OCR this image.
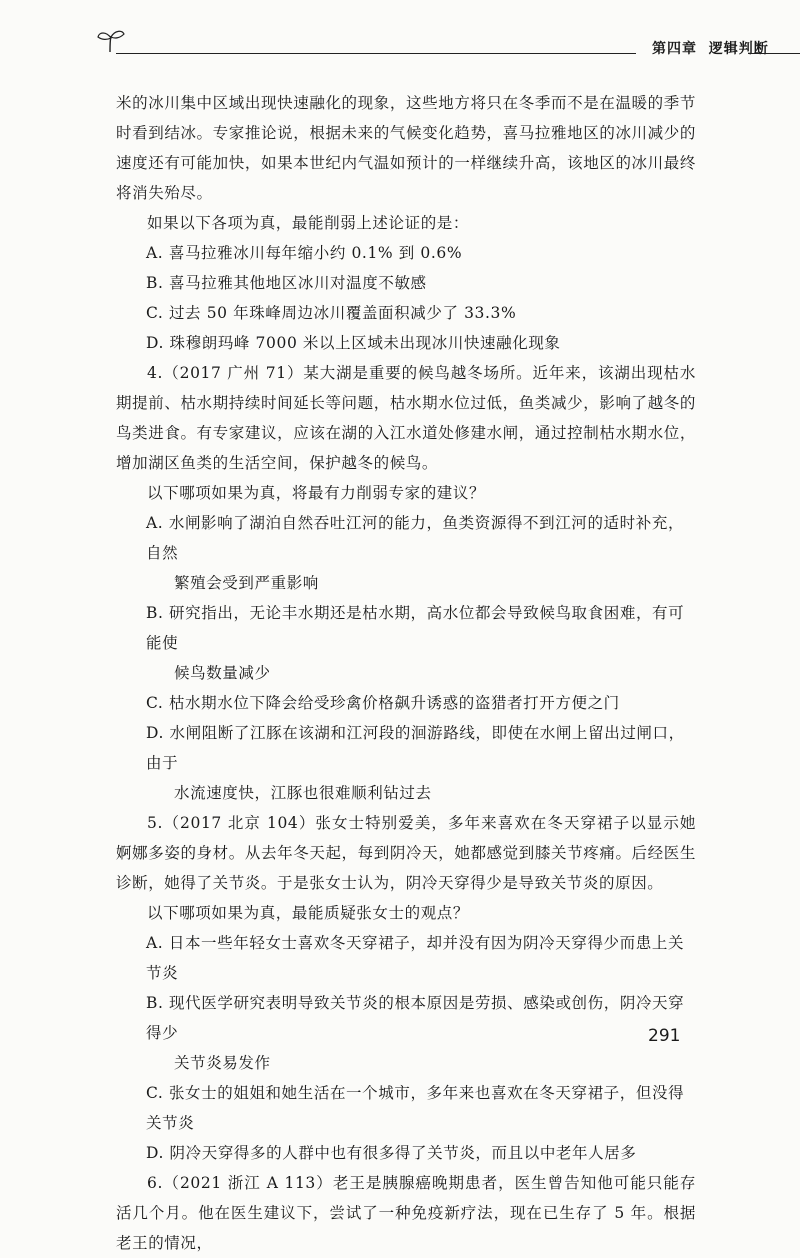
第四章 逻辑判断
米的冰川集中区域出现快速融化的现象，这些地方将只在冬季而不是在温暖的季节时看到结冰。专家推论说，根据未来的气候变化趋势，喜马拉雅地区的冰川减少的速度还有可能加快，如果本世纪内气温如预计的一样继续升高，该地区的冰川最终将消失殆尽。
如果以下各项为真，最能削弱上述论证的是：
A. 喜马拉雅冰川每年缩小约 0.1% 到 0.6%
B. 喜马拉雅其他地区冰川对温度不敏感
C. 过去 50 年珠峰周边冰川覆盖面积减少了 33.3%
D. 珠穆朗玛峰 7000 米以上区域未出现冰川快速融化现象
4.（2017 广州 71）某大湖是重要的候鸟越冬场所。近年来，该湖出现枯水期提前、枯水期持续时间延长等问题，枯水期水位过低，鱼类减少，影响了越冬的鸟类进食。有专家建议，应该在湖的入江水道处修建水闸，通过控制枯水期水位，增加湖区鱼类的生活空间，保护越冬的候鸟。
以下哪项如果为真，将最有力削弱专家的建议？
A. 水闸影响了湖泊自然吞吐江河的能力，鱼类资源得不到江河的适时补充，自然
繁殖会受到严重影响
B. 研究指出，无论丰水期还是枯水期，高水位都会导致候鸟取食困难，有可能使
候鸟数量减少
C. 枯水期水位下降会给受珍禽价格飙升诱惑的盗猎者打开方便之门
D. 水闸阻断了江豚在该湖和江河段的洄游路线，即使在水闸上留出过闸口，由于
水流速度快，江豚也很难顺利钻过去
5.（2017 北京 104）张女士特别爱美，多年来喜欢在冬天穿裙子以显示她婀娜多姿的身材。从去年冬天起，每到阴冷天，她都感觉到膝关节疼痛。后经医生诊断，她得了关节炎。于是张女士认为，阴冷天穿得少是导致关节炎的原因。
以下哪项如果为真，最能质疑张女士的观点？
A. 日本一些年轻女士喜欢冬天穿裙子，却并没有因为阴冷天穿得少而患上关节炎
B. 现代医学研究表明导致关节炎的根本原因是劳损、感染或创伤，阴冷天穿得少
关节炎易发作
C. 张女士的姐姐和她生活在一个城市，多年来也喜欢在冬天穿裙子，但没得关节炎
D. 阴冷天穿得多的人群中也有很多得了关节炎，而且以中老年人居多
6.（2021 浙江 A 113）老王是胰腺癌晚期患者，医生曾告知他可能只能存活几个月。他在医生建议下，尝试了一种免疫新疗法，现在已生存了 5 年。根据老王的情况，
291
